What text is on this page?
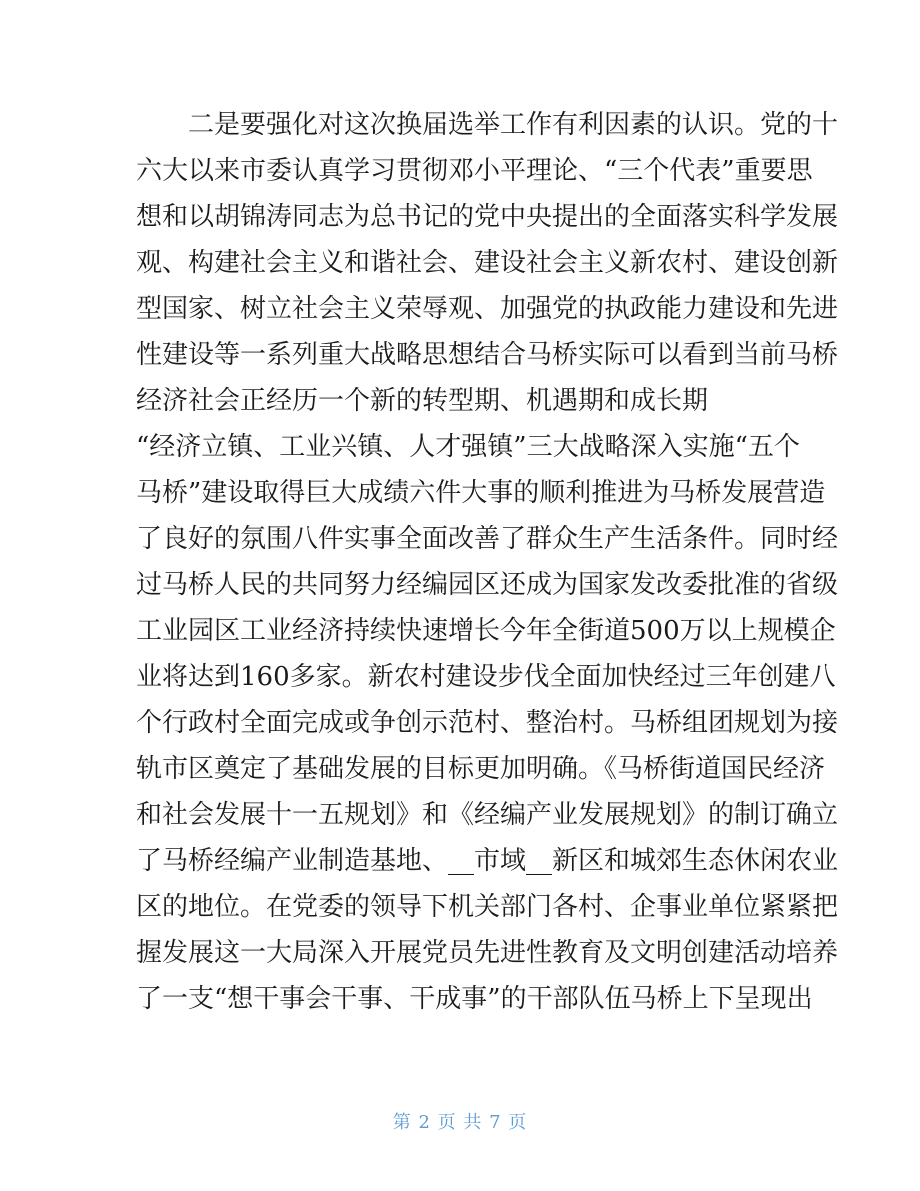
　　二是要强化对这次换届选举工作有利因素的认识。党的十
六大以来市委认真学习贯彻邓小平理论、“三个代表”重要思
想和以胡锦涛同志为总书记的党中央提出的全面落实科学发展
观、构建社会主义和谐社会、建设社会主义新农村、建设创新
型国家、树立社会主义荣辱观、加强党的执政能力建设和先进
性建设等一系列重大战略思想结合马桥实际可以看到当前马桥
经济社会正经历一个新的转型期、机遇期和成长期
“经济立镇、工业兴镇、人才强镇”三大战略深入实施“五个
马桥”建设取得巨大成绩六件大事的顺利推进为马桥发展营造
了良好的氛围八件实事全面改善了群众生产生活条件。同时经
过马桥人民的共同努力经编园区还成为国家发改委批准的省级
工业园区工业经济持续快速增长今年全街道500万以上规模企
业将达到160多家。新农村建设步伐全面加快经过三年创建八
个行政村全面完成或争创示范村、整治村。马桥组团规划为接
轨市区奠定了基础发展的目标更加明确。《马桥街道国民经济
和社会发展十一五规划》和《经编产业发展规划》的制订确立
了马桥经编产业制造基地、__市域__新区和城郊生态休闲农业
区的地位。在党委的领导下机关部门各村、企事业单位紧紧把
握发展这一大局深入开展党员先进性教育及文明创建活动培养
了一支“想干事会干事、干成事”的干部队伍马桥上下呈现出
第 2 页 共 7 页
